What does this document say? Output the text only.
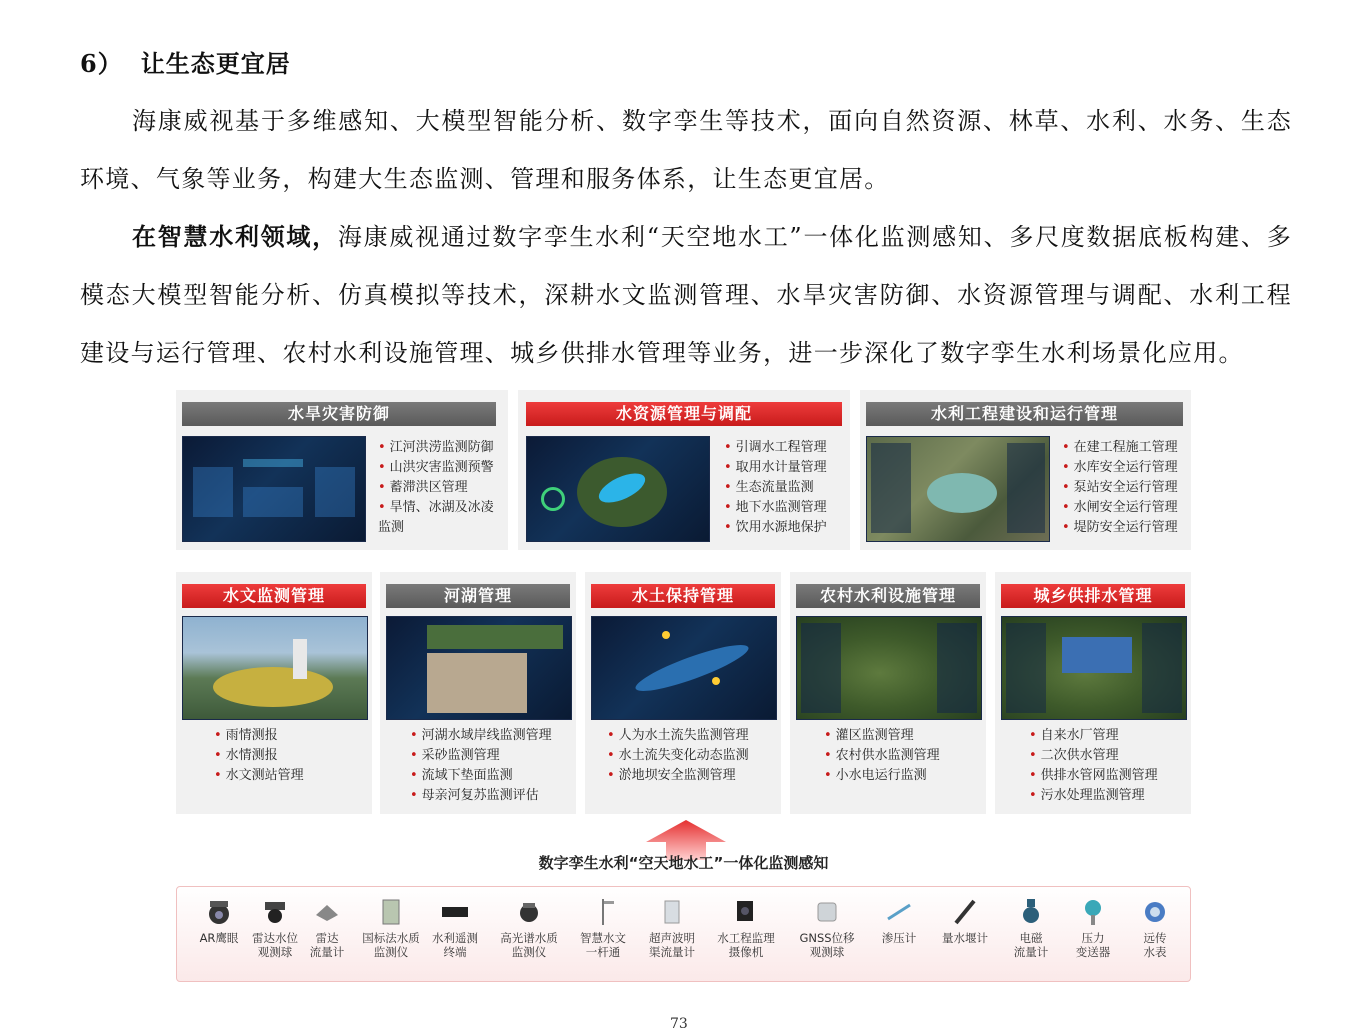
6） 让生态更宜居
海康威视基于多维感知、大模型智能分析、数字孪生等技术，面向自然资源、林草、水利、水务、生态环境、气象等业务，构建大生态监测、管理和服务体系，让生态更宜居。
在智慧水利领域，海康威视通过数字孪生水利“天空地水工”一体化监测感知、多尺度数据底板构建、多模态大模型智能分析、仿真模拟等技术，深耕水文监测管理、水旱灾害防御、水资源管理与调配、水利工程建设与运行管理、农村水利设施管理、城乡供排水管理等业务，进一步深化了数字孪生水利场景化应用。
水旱灾害防御
• 江河洪涝监测防御
• 山洪灾害监测预警
• 蓄滞洪区管理
• 旱情、冰湖及冰凌监测
水资源管理与调配
• 引调水工程管理
• 取用水计量管理
• 生态流量监测
• 地下水监测管理
• 饮用水源地保护
水利工程建设和运行管理
• 在建工程施工管理
• 水库安全运行管理
• 泵站安全运行管理
• 水闸安全运行管理
• 堤防安全运行管理
水文监测管理
• 雨情测报
• 水情测报
• 水文测站管理
河湖管理
• 河湖水域岸线监测管理
• 采砂监测管理
• 流域下垫面监测
• 母亲河复苏监测评估
水土保持管理
• 人为水土流失监测管理
• 水土流失变化动态监测
• 淤地坝安全监测管理
农村水利设施管理
• 灌区监测管理
• 农村供水监测管理
• 小水电运行监测
城乡供排水管理
• 自来水厂管理
• 二次供水管理
• 供排水管网监测管理
• 污水处理监测管理
数字孪生水利“空天地水工”一体化监测感知
AR鹰眼	雷达水位
观测球
雷达
流量计
国标法水质
监测仪
水利遥测
终端
高光谱水质
监测仪
智慧水文
一杆通
超声波明
渠流量计
水工程监理
摄像机
GNSS位移
观测球
渗压计	量水堰计	电磁
流量计
压力
变送器
远传
水表
73
